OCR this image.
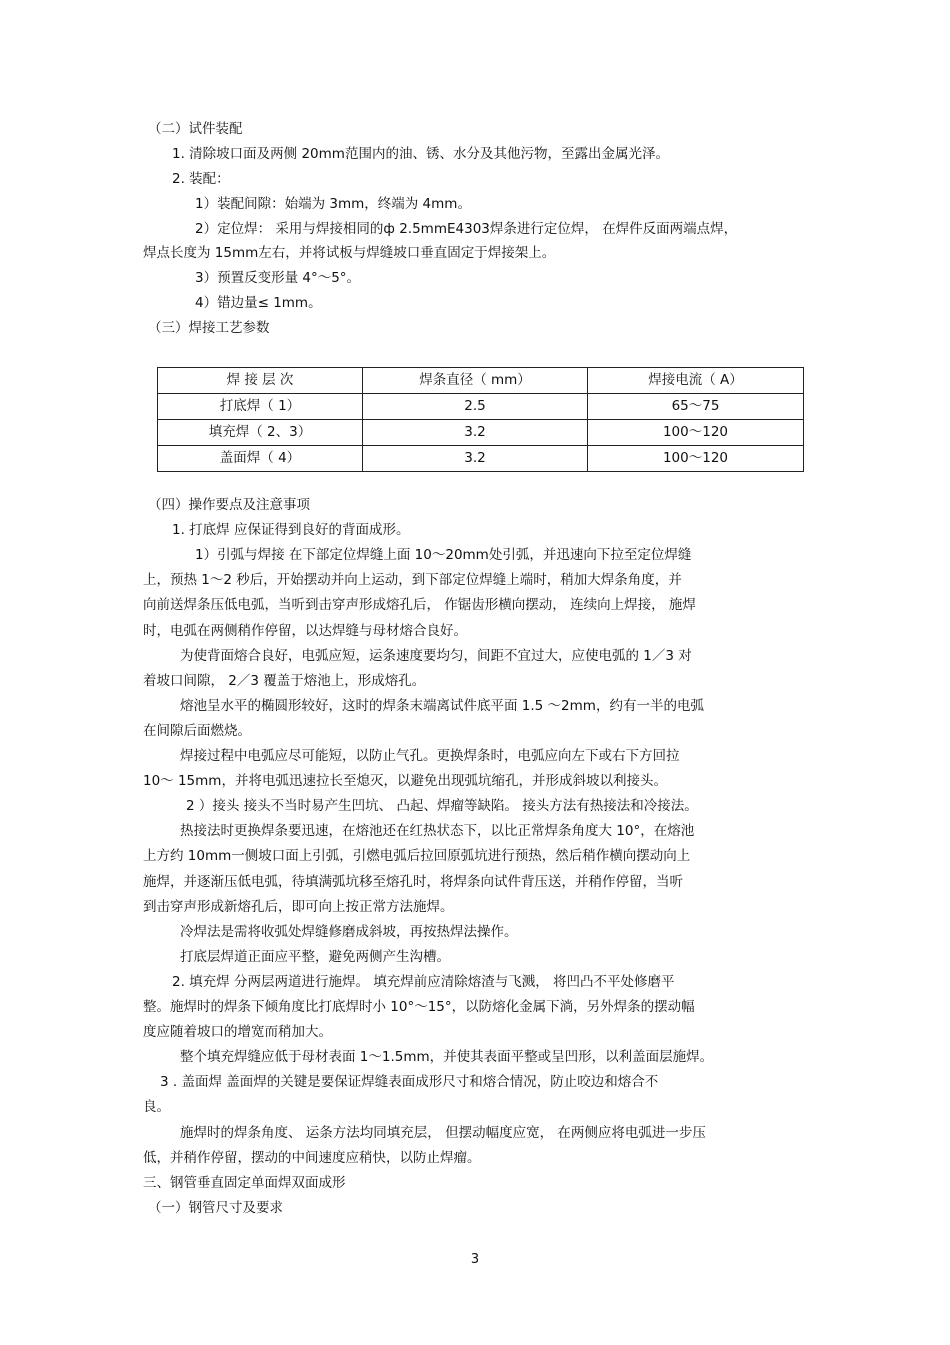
（二）试件装配

1. 清除坡口面及两侧 20mm范围内的油、锈、水分及其他污物，至露出金属光泽。

2. 装配：

1）装配间隙：始端为 3mm，终端为 4mm。

2）定位焊： 采用与焊接相同的ф 2.5mmE4303焊条进行定位焊， 在焊件反面两端点焊，

焊点长度为 15mm左右，并将试板与焊缝坡口垂直固定于焊接架上。

3）预置反变形量 4°～5°。

4）错边量≤ 1mm。

（三）焊接工艺参数

焊 接 层 次	焊条直径（ mm）	焊接电流（ A）
打底焊（ 1）	2.5	65～75
填充焊（ 2、3）	3.2	100～120
盖面焊（ 4）	3.2	100～120

（四）操作要点及注意事项

1. 打底焊 应保证得到良好的背面成形。

1）引弧与焊接 在下部定位焊缝上面 10～20mm处引弧，并迅速向下拉至定位焊缝

上，预热 1～2 秒后，开始摆动并向上运动，到下部定位焊缝上端时，稍加大焊条角度，并

向前送焊条压低电弧，当听到击穿声形成熔孔后， 作锯齿形横向摆动， 连续向上焊接， 施焊

时，电弧在两侧稍作停留，以达焊缝与母材熔合良好。

为使背面熔合良好，电弧应短，运条速度要均匀，间距不宜过大，应使电弧的 1／3 对

着坡口间隙， 2／3 覆盖于熔池上，形成熔孔。

熔池呈水平的椭圆形较好，这时的焊条末端离试件底平面 1.5 ～2mm，约有一半的电弧

在间隙后面燃烧。

焊接过程中电弧应尽可能短，以防止气孔。更换焊条时，电弧应向左下或右下方回拉

10～ 15mm，并将电弧迅速拉长至熄灭，以避免出现弧坑缩孔，并形成斜坡以利接头。

2 ）接头 接头不当时易产生凹坑、 凸起、焊瘤等缺陷。 接头方法有热接法和冷接法。

热接法时更换焊条要迅速，在熔池还在红热状态下，以比正常焊条角度大 10°，在熔池

上方约 10mm一侧坡口面上引弧，引燃电弧后拉回原弧坑进行预热，然后稍作横向摆动向上

施焊，并逐渐压低电弧，待填满弧坑移至熔孔时，将焊条向试件背压送，并稍作停留，当听

到击穿声形成新熔孔后，即可向上按正常方法施焊。

冷焊法是需将收弧处焊缝修磨成斜坡，再按热焊法操作。

打底层焊道正面应平整，避免两侧产生沟槽。

2. 填充焊 分两层两道进行施焊。 填充焊前应清除熔渣与飞溅， 将凹凸不平处修磨平

整。施焊时的焊条下倾角度比打底焊时小 10°～15°，以防熔化金属下淌，另外焊条的摆动幅

度应随着坡口的增宽而稍加大。

整个填充焊缝应低于母材表面 1～1.5mm，并使其表面平整或呈凹形，以利盖面层施焊。

3 . 盖面焊 盖面焊的关键是要保证焊缝表面成形尺寸和熔合情况，防止咬边和熔合不

良。

施焊时的焊条角度、 运条方法均同填充层， 但摆动幅度应宽， 在两侧应将电弧进一步压

低，并稍作停留，摆动的中间速度应稍快，以防止焊瘤。

三、钢管垂直固定单面焊双面成形

（一）钢管尺寸及要求

3
